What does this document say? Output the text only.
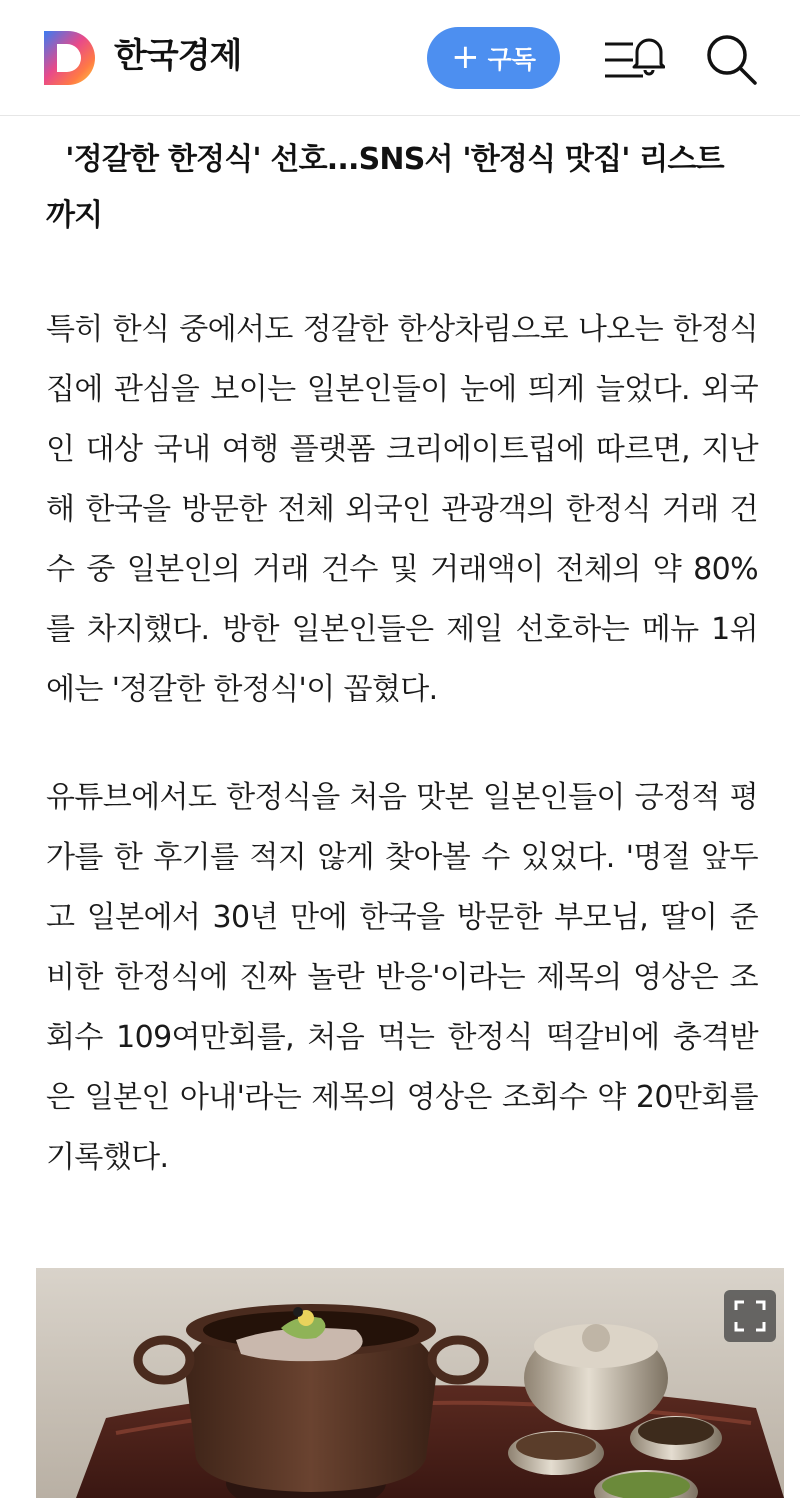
한국경제	+ 구독
'정갈한 한정식' 선호...SNS서 '한정식 맛집' 리스트 까지

특히 한식 중에서도 정갈한 한상차림으로 나오는 한정식집에 관심을 보이는 일본인들이 눈에 띄게 늘었다. 외국인 대상 국내 여행 플랫폼 크리에이트립에 따르면, 지난해 한국을 방문한 전체 외국인 관광객의 한정식 거래 건수 중 일본인의 거래 건수 및 거래액이 전체의 약 80%를 차지했다. 방한 일본인들은 제일 선호하는 메뉴 1위에는 '정갈한 한정식'이 꼽혔다.

유튜브에서도 한정식을 처음 맛본 일본인들이 긍정적 평가를 한 후기를 적지 않게 찾아볼 수 있었다. '명절 앞두고 일본에서 30년 만에 한국을 방문한 부모님, 딸이 준비한 한정식에 진짜 놀란 반응'이라는 제목의 영상은 조회수 109여만회를, 처음 먹는 한정식 떡갈비에 충격받은 일본인 아내'라는 제목의 영상은 조회수 약 20만회를 기록했다.
